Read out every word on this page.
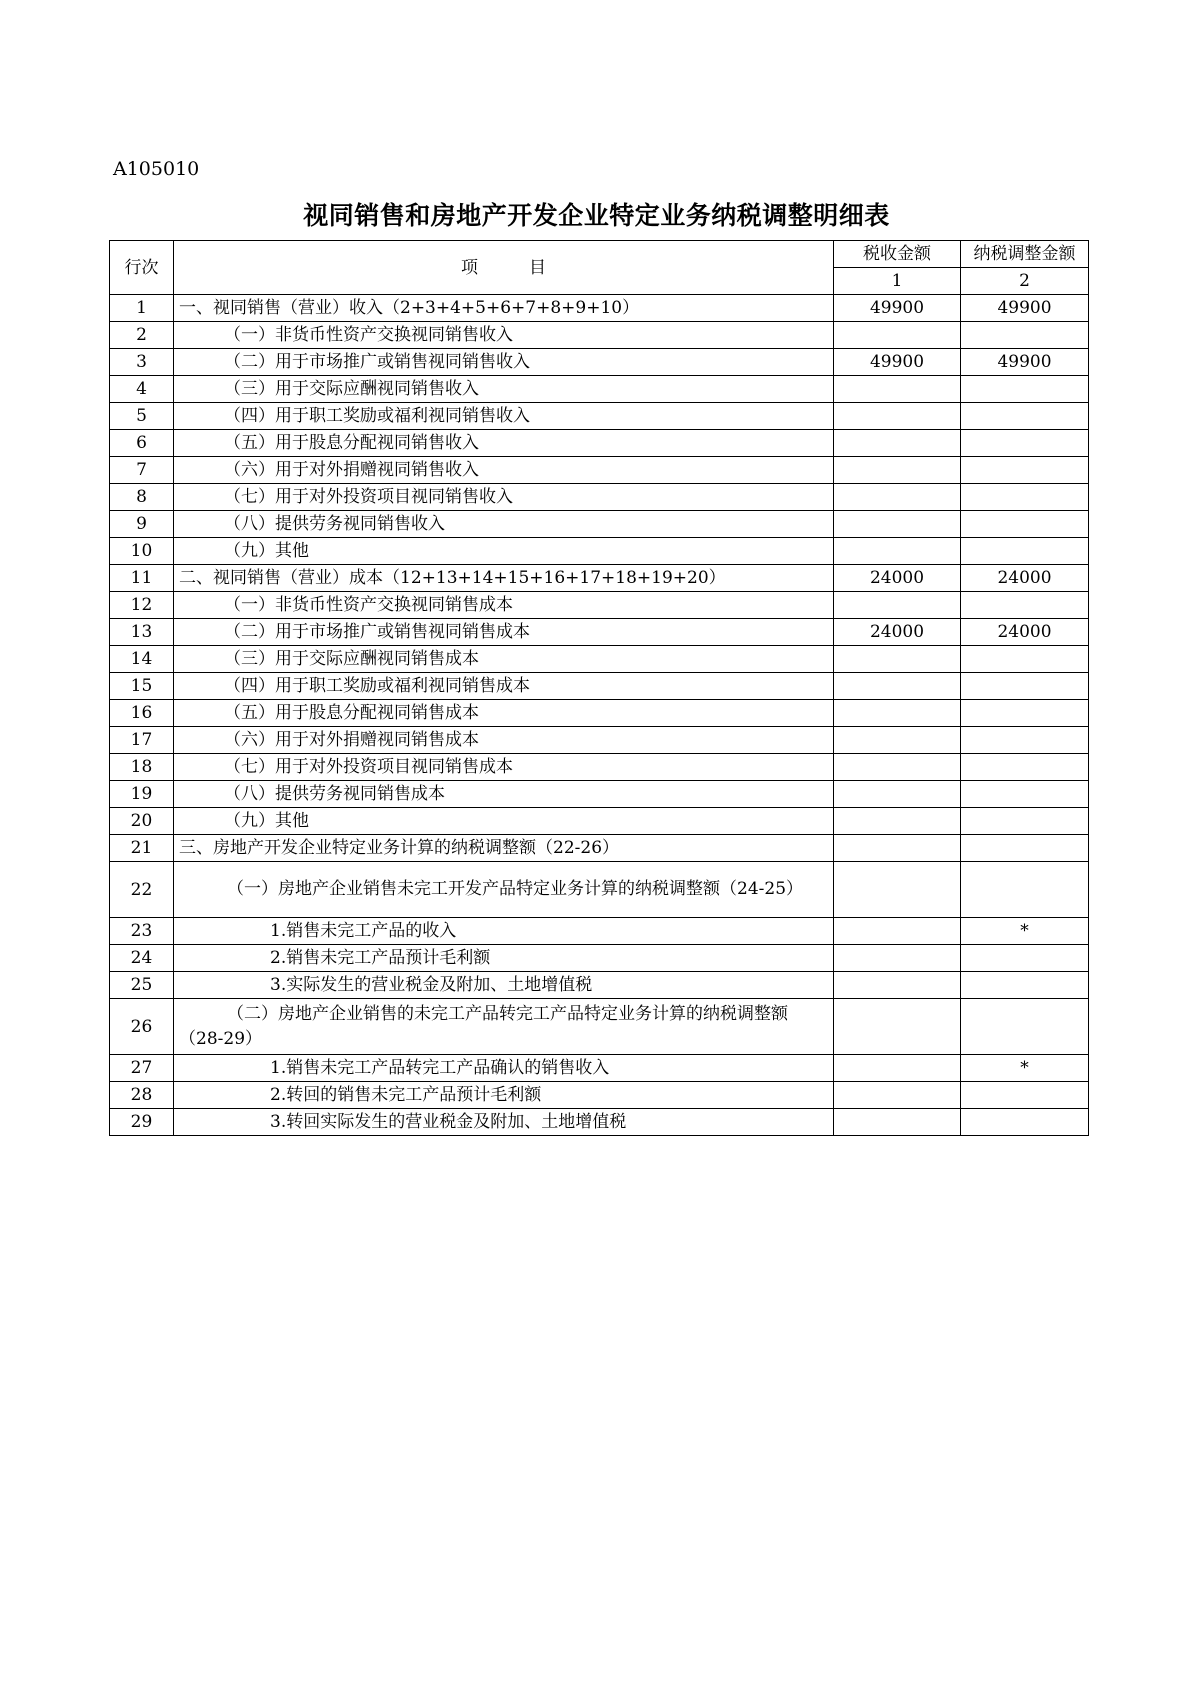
A105010
视同销售和房地产开发企业特定业务纳税调整明细表
行次	项　　　目	税收金额	纳税调整金额
		1	2
1	一、视同销售（营业）收入（2+3+4+5+6+7+8+9+10）	49900	49900
2	（一）非货币性资产交换视同销售收入		
3	（二）用于市场推广或销售视同销售收入	49900	49900
4	（三）用于交际应酬视同销售收入		
5	（四）用于职工奖励或福利视同销售收入		
6	（五）用于股息分配视同销售收入		
7	（六）用于对外捐赠视同销售收入		
8	（七）用于对外投资项目视同销售收入		
9	（八）提供劳务视同销售收入		
10	（九）其他		
11	二、视同销售（营业）成本（12+13+14+15+16+17+18+19+20）	24000	24000
12	（一）非货币性资产交换视同销售成本		
13	（二）用于市场推广或销售视同销售成本	24000	24000
14	（三）用于交际应酬视同销售成本		
15	（四）用于职工奖励或福利视同销售成本		
16	（五）用于股息分配视同销售成本		
17	（六）用于对外捐赠视同销售成本		
18	（七）用于对外投资项目视同销售成本		
19	（八）提供劳务视同销售成本		
20	（九）其他		
21	三、房地产开发企业特定业务计算的纳税调整额（22-26）		
22	（一）房地产企业销售未完工开发产品特定业务计算的纳税调整额（24-25）		
23	1.销售未完工产品的收入		*
24	2.销售未完工产品预计毛利额		
25	3.实际发生的营业税金及附加、土地增值税		
26	（二）房地产企业销售的未完工产品转完工产品特定业务计算的纳税调整额（28-29）		
27	1.销售未完工产品转完工产品确认的销售收入		*
28	2.转回的销售未完工产品预计毛利额		
29	3.转回实际发生的营业税金及附加、土地增值税		
